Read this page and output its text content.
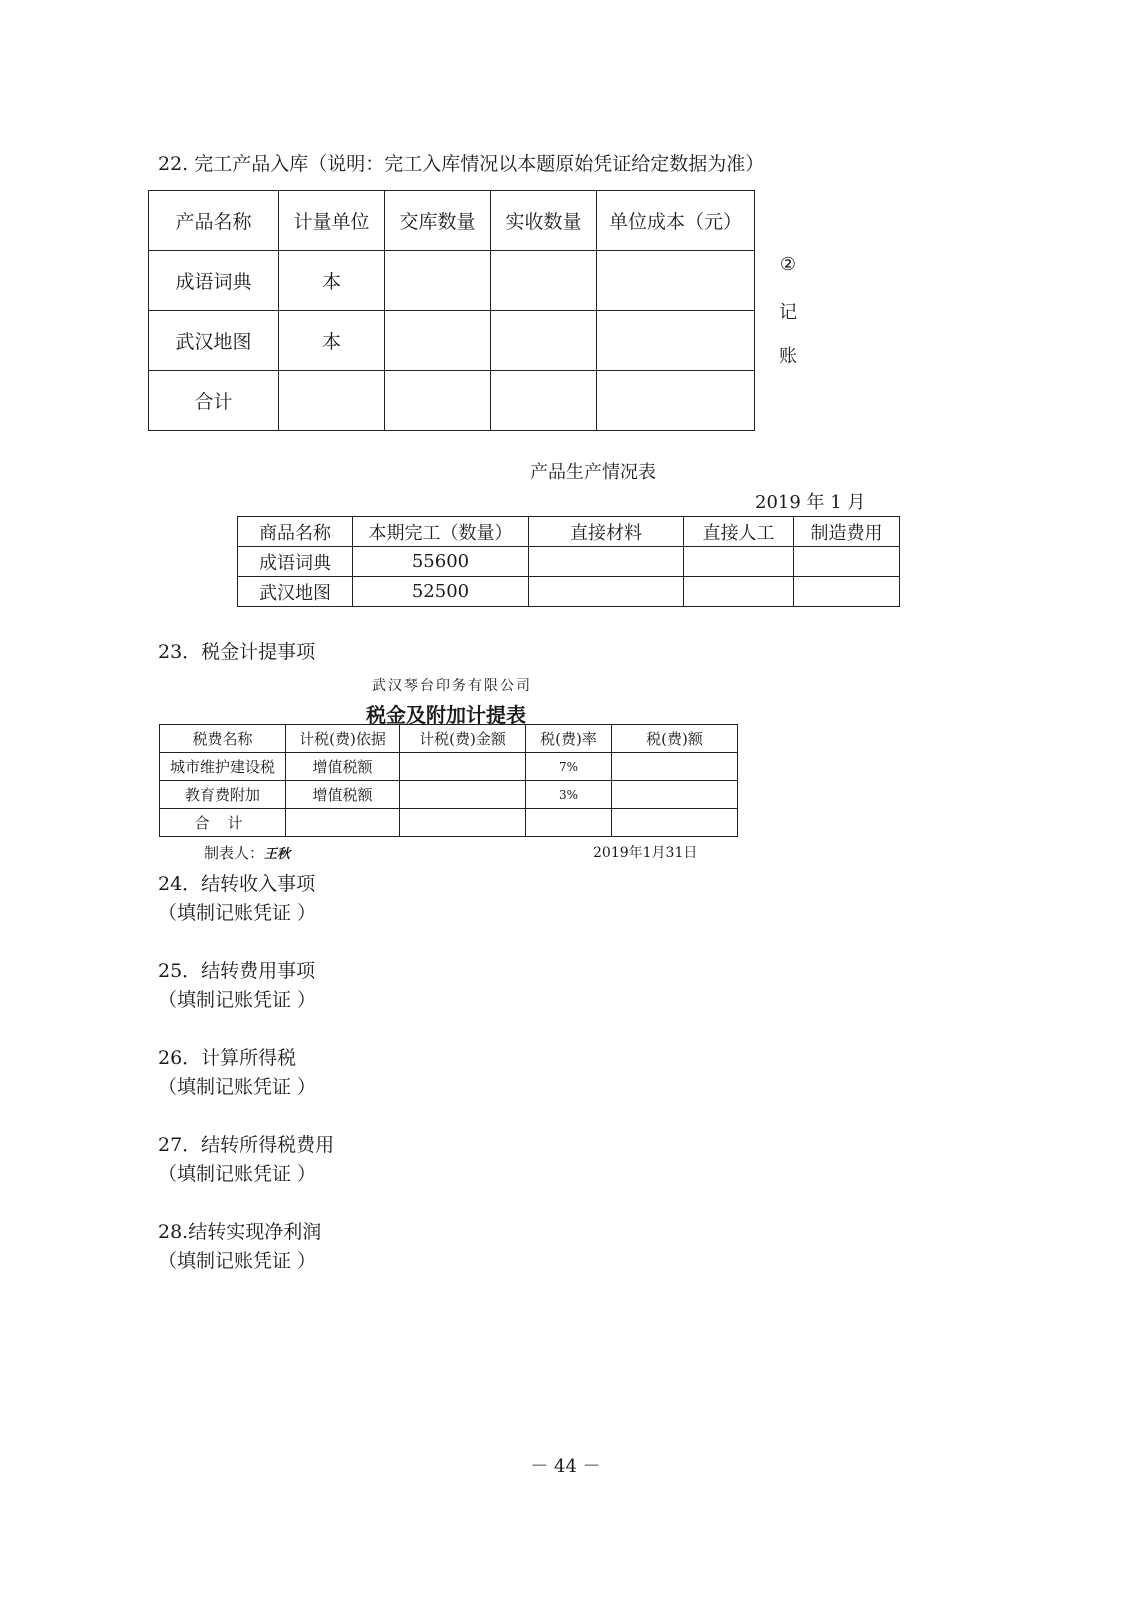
22. 完工产品入库（说明：完工入库情况以本题原始凭证给定数据为准）
产品名称	计量单位	交库数量	实收数量	单位成本（元）
成语词典	本			
武汉地图	本			
合计				
②
记
账
产品生产情况表
2019 年 1 月
商品名称	本期完工（数量）	直接材料	直接人工	制造费用
成语词典	55600			
武汉地图	52500			
23．税金计提事项
武汉琴台印务有限公司
税金及附加计提表
税费名称	计税(费)依据	计税(费)金额	税(费)率	税(费)额
城市维护建设税	增值税额		7%	
教育费附加	增值税额		3%	
合计				
制表人：王秋	2019年1月31日
24．结转收入事项
（填制记账凭证 ）
25．结转费用事项
（填制记账凭证 ）
26．计算所得税
（填制记账凭证 ）
27．结转所得税费用
（填制记账凭证 ）
28.结转实现净利润
（填制记账凭证 ）
－ 44 －
